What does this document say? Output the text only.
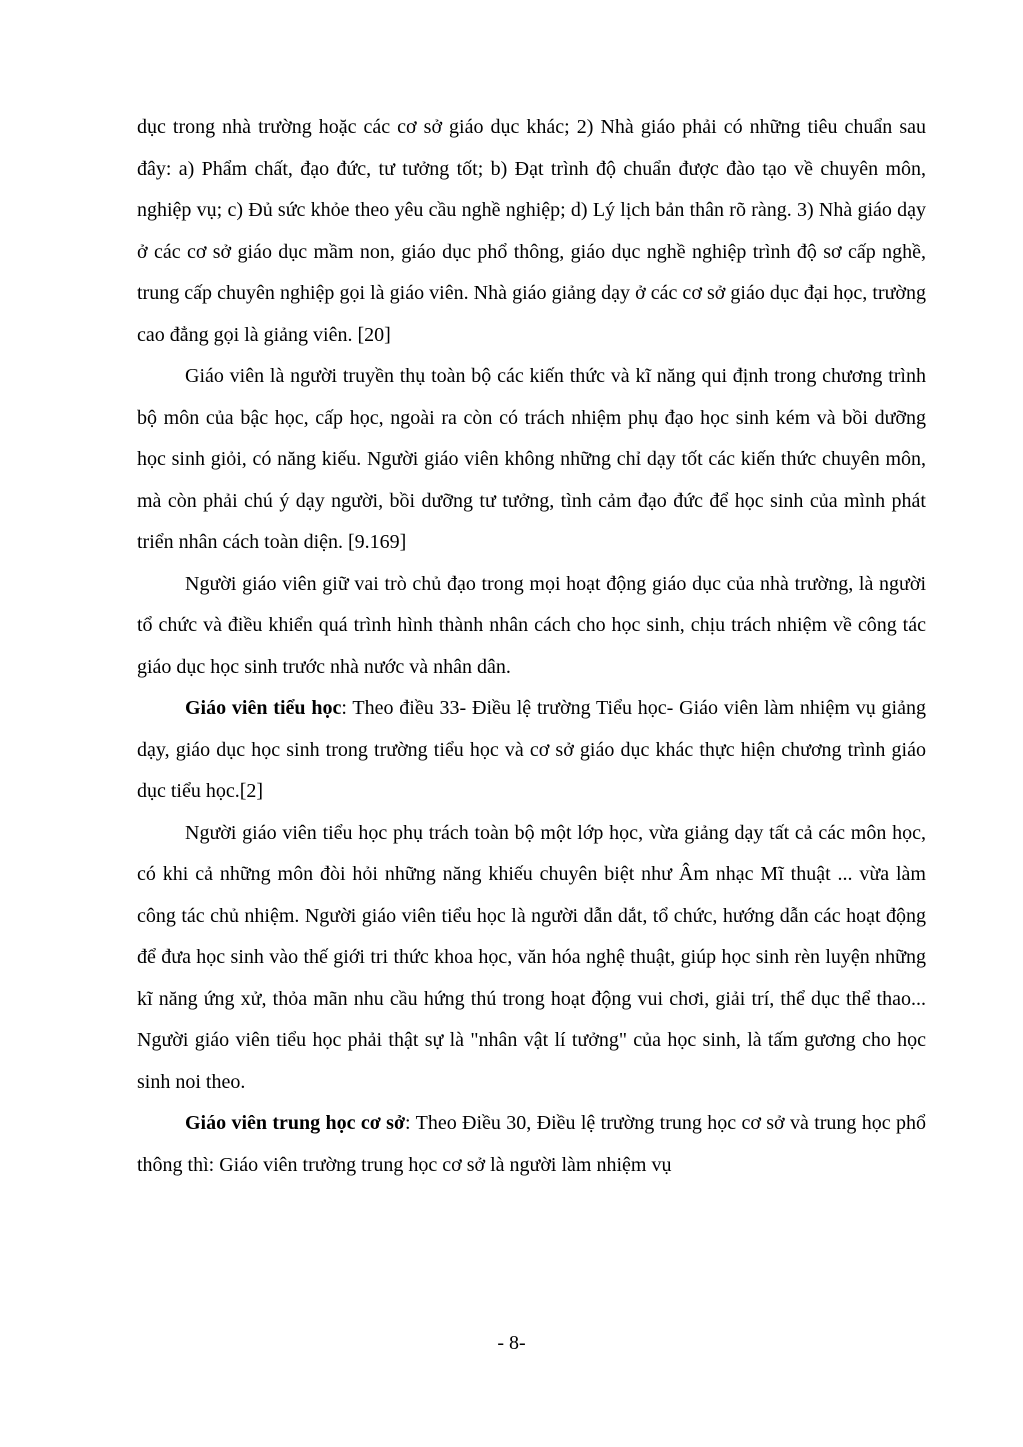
dục trong nhà trường hoặc các cơ sở giáo dục khác; 2) Nhà giáo phải có những tiêu chuẩn sau đây: a) Phẩm chất, đạo đức, tư tưởng tốt; b) Đạt trình độ chuẩn được đào tạo về chuyên môn, nghiệp vụ; c) Đủ sức khỏe theo yêu cầu nghề nghiệp; d) Lý lịch bản thân rõ ràng. 3) Nhà giáo dạy ở các cơ sở giáo dục mầm non, giáo dục phổ thông, giáo dục nghề nghiệp trình độ sơ cấp nghề, trung cấp chuyên nghiệp gọi là giáo viên. Nhà giáo giảng dạy ở các cơ sở giáo dục đại học, trường cao đẳng gọi là giảng viên. [20]

Giáo viên là người truyền thụ toàn bộ các kiến thức và kĩ năng qui định trong chương trình bộ môn của bậc học, cấp học, ngoài ra còn có trách nhiệm phụ đạo học sinh kém và bồi dưỡng học sinh giỏi, có năng kiếu. Người giáo viên không những chỉ dạy tốt các kiến thức chuyên môn, mà còn phải chú ý dạy người, bồi dưỡng tư tưởng, tình cảm đạo đức để học sinh của mình phát triển nhân cách toàn diện. [9.169]

Người giáo viên giữ vai trò chủ đạo trong mọi hoạt động giáo dục của nhà trường, là người tổ chức và điều khiển quá trình hình thành nhân cách cho học sinh, chịu trách nhiệm về công tác giáo dục học sinh trước nhà nước và nhân dân.

Giáo viên tiểu học: Theo điều 33- Điều lệ trường Tiểu học- Giáo viên làm nhiệm vụ giảng dạy, giáo dục học sinh trong trường tiểu học và cơ sở giáo dục khác thực hiện chương trình giáo dục tiểu học.[2]

Người giáo viên tiểu học phụ trách toàn bộ một lớp học, vừa giảng dạy tất cả các môn học, có khi cả những môn đòi hỏi những năng khiếu chuyên biệt như Âm nhạc Mĩ thuật ... vừa làm công tác chủ nhiệm. Người giáo viên tiểu học là người dẫn dắt, tổ chức, hướng dẫn các hoạt động để đưa học sinh vào thế giới tri thức khoa học, văn hóa nghệ thuật, giúp học sinh rèn luyện những kĩ năng ứng xử, thỏa mãn nhu cầu hứng thú trong hoạt động vui chơi, giải trí, thể dục thể thao... Người giáo viên tiểu học phải thật sự là "nhân vật lí tưởng" của học sinh, là tấm gương cho học sinh noi theo.

Giáo viên trung học cơ sở: Theo Điều 30, Điều lệ trường trung học cơ sở và trung học phổ thông thì: Giáo viên trường trung học cơ sở là người làm nhiệm vụ

- 8-
